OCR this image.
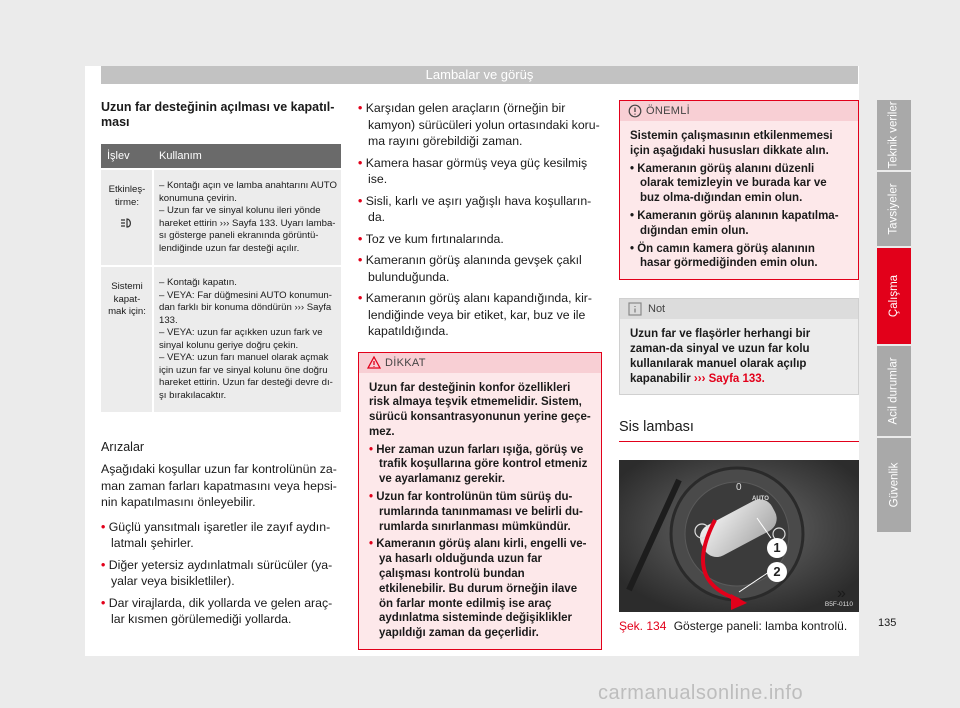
Lambalar ve görüş
Uzun far desteğinin açılması ve kapatıl-ması
İşlev	Kullanım

Etkinleş-tirme:	– Kontağı açın ve lamba anahtarını AUTO konumuna çevirin.
– Uzun far ve sinyal kolunu ileri yönde hareket ettirin ››› Sayfa 133. Uyarı lamba-sı gösterge paneli ekranında görüntü-lendiğinde uzun far desteği açılır.

Sistemi kapat-mak için:	– Kontağı kapatın.
– VEYA: Far düğmesini AUTO konumun-dan farklı bir konuma döndürün ››› Sayfa 133.
– VEYA: uzun far açıkken uzun fark ve sinyal kolunu geriye doğru çekin.
– VEYA: uzun farı manuel olarak açmak için uzun far ve sinyal kolunu öne doğru hareket ettirin. Uzun far desteği devre dı-şı bırakılacaktır.
Arızalar

Aşağıdaki koşullar uzun far kontrolünün za-man zaman farları kapatmasını veya hepsi-nin kapatılmasını önleyebilir.

• Güçlü yansıtmalı işaretler ile zayıf aydın-latmalı şehirler.
• Diğer yetersiz aydınlatmalı sürücüler (ya-yalar veya bisikletliler).
• Dar virajlarda, dik yollarda ve gelen araç-lar kısmen görülemediği yollarda.
• Karşıdan gelen araçların (örneğin bir kamyon) sürücüleri yolun ortasındaki koru-ma rayını görebildiği zaman.
• Kamera hasar görmüş veya güç kesilmiş ise.
• Sisli, karlı ve aşırı yağışlı hava koşulların-da.
• Toz ve kum fırtınalarında.
• Kameranın görüş alanında gevşek çakıl bulunduğunda.
• Kameranın görüş alanı kapandığında, kir-lendiğinde veya bir etiket, kar, buz ve ile kapatıldığında.
DİKKAT
Uzun far desteğinin konfor özellikleri risk almaya teşvik etmemelidir. Sistem, sürücü konsantrasyonunun yerine geçe-mez.
• Her zaman uzun farları ışığa, görüş ve trafik koşullarına göre kontrol etmeniz ve ayarlamanız gerekir.
• Uzun far kontrolünün tüm sürüş du-rumlarında tanınmaması ve belirli du-rumlarda sınırlanması mümkündür.
• Kameranın görüş alanı kirli, engelli ve-ya hasarlı olduğunda uzun far çalışması kontrolü bundan etkilenebilir. Bu durum örneğin ilave ön farlar monte edilmiş ise araç aydınlatma sisteminde değişiklikler yapıldığı zaman da geçerlidir.
ÖNEMLİ
Sistemin çalışmasının etkilenmemesi için aşağıdaki hususları dikkate alın.
• Kameranın görüş alanını düzenli olarak temizleyin ve burada kar ve buz olma-dığından emin olun.
• Kameranın görüş alanının kapatılma-dığından emin olun.
• Ön camın kamera görüş alanının hasar görmediğinden emin olun.
Not
Uzun far ve flaşörler herhangi bir zaman-da sinyal ve uzun far kolu kullanılarak manuel olarak açılıp kapanabilir ››› Sayfa 133.
Sis lambası
0
AUTO
1
2
B5F-0110
Şek. 134 Gösterge paneli: lamba kontrolü.
»
Teknik veriler
Tavsiyeler
Çalışma
Acil durumlar
Güvenlik
135
carmanualsonline.info
